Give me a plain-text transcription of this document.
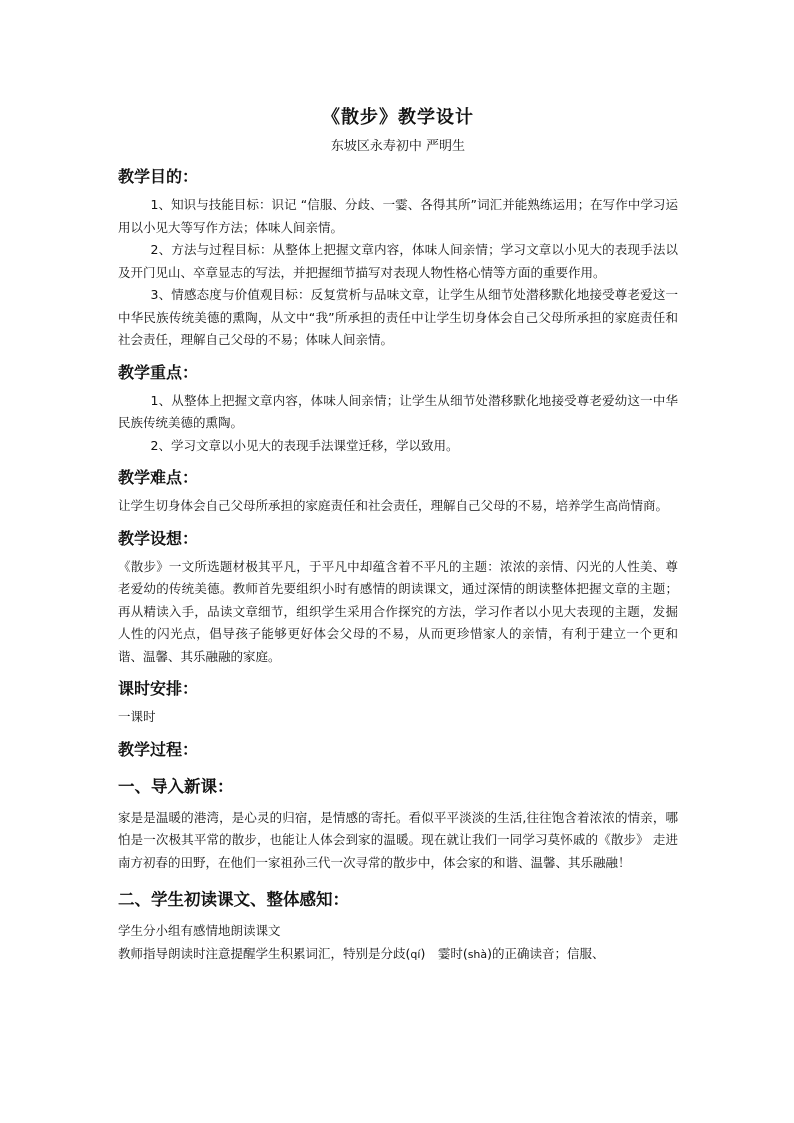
《散步》教学设计
东坡区永寿初中 严明生
教学目的：

1、知识与技能目标：识记 “信服、分歧、一霎、各得其所”词汇并能熟练运用；在写作中学习运用以小见大等写作方法；体味人间亲情。

2、方法与过程目标：从整体上把握文章内容，体味人间亲情；学习文章以小见大的表现手法以及开门见山、卒章显志的写法，并把握细节描写对表现人物性格心情等方面的重要作用。

3、情感态度与价值观目标：反复赏析与品味文章，让学生从细节处潜移默化地接受尊老爱这一中华民族传统美德的熏陶，从文中“我”所承担的责任中让学生切身体会自己父母所承担的家庭责任和社会责任，理解自己父母的不易；体味人间亲情。

教学重点：

1、从整体上把握文章内容，体味人间亲情；让学生从细节处潜移默化地接受尊老爱幼这一中华民族传统美德的熏陶。

2、学习文章以小见大的表现手法课堂迁移，学以致用。

教学难点：

让学生切身体会自己父母所承担的家庭责任和社会责任，理解自己父母的不易，培养学生高尚情商。

教学设想：

《散步》一文所选题材极其平凡，于平凡中却蕴含着不平凡的主题：浓浓的亲情、闪光的人性美、尊老爱幼的传统美德。教师首先要组织小时有感情的朗读课文，通过深情的朗读整体把握文章的主题；再从精读入手，品读文章细节，组织学生采用合作探究的方法，学习作者以小见大表现的主题，发掘人性的闪光点，倡导孩子能够更好体会父母的不易，从而更珍惜家人的亲情，有利于建立一个更和谐、温馨、其乐融融的家庭。

课时安排：

一课时

教学过程：
一、导入新课：

家是是温暖的港湾，是心灵的归宿，是情感的寄托。看似平平淡淡的生活,往往饱含着浓浓的情亲，哪怕是一次极其平常的散步，也能让人体会到家的温暖。现在就让我们一同学习莫怀戚的《散步》 走进南方初春的田野，在他们一家祖孙三代一次寻常的散步中，体会家的和谐、温馨、其乐融融！

二、学生初读课文、整体感知：

学生分小组有感情地朗读课文

教师指导朗读时注意提醒学生积累词汇，特别是分歧(qí)　霎时(shà)的正确读音；信服、
